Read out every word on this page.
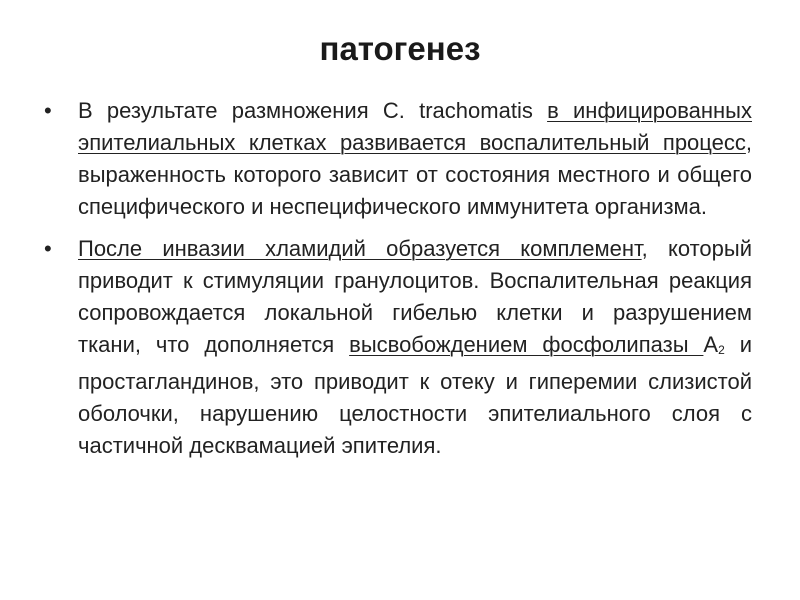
патогенез
• В результате размножения C. trachomatis в инфицированных эпителиальных клетках развивается воспалительный процесс, выраженность которого зависит от состояния местного и общего специфического и неспецифического иммунитета организма.
• После инвазии хламидий образуется комплемент, который приводит к стимуляции гранулоцитов. Воспалительная реакция сопровождается локальной гибелью клетки и разрушением ткани, что дополняется высвобождением фосфолипазы $А_2$ и простагландинов, это приводит к отеку и гиперемии слизистой оболочки, нарушению целостности эпителиального слоя с частичной десквамацией эпителия.
